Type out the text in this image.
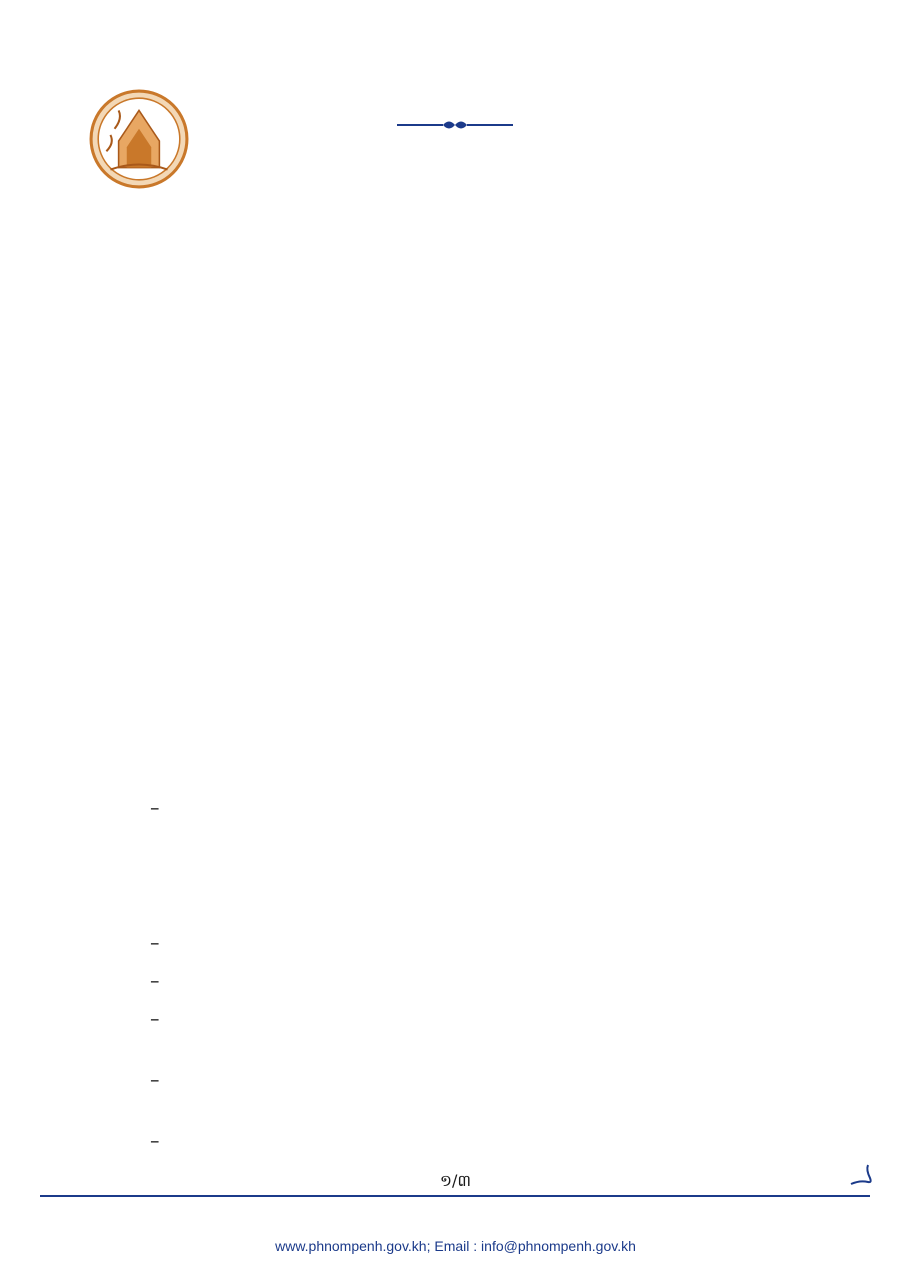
–
–
–
–
–
–
១/៣
www.phnompenh.gov.kh; Email : info@phnompenh.gov.kh
